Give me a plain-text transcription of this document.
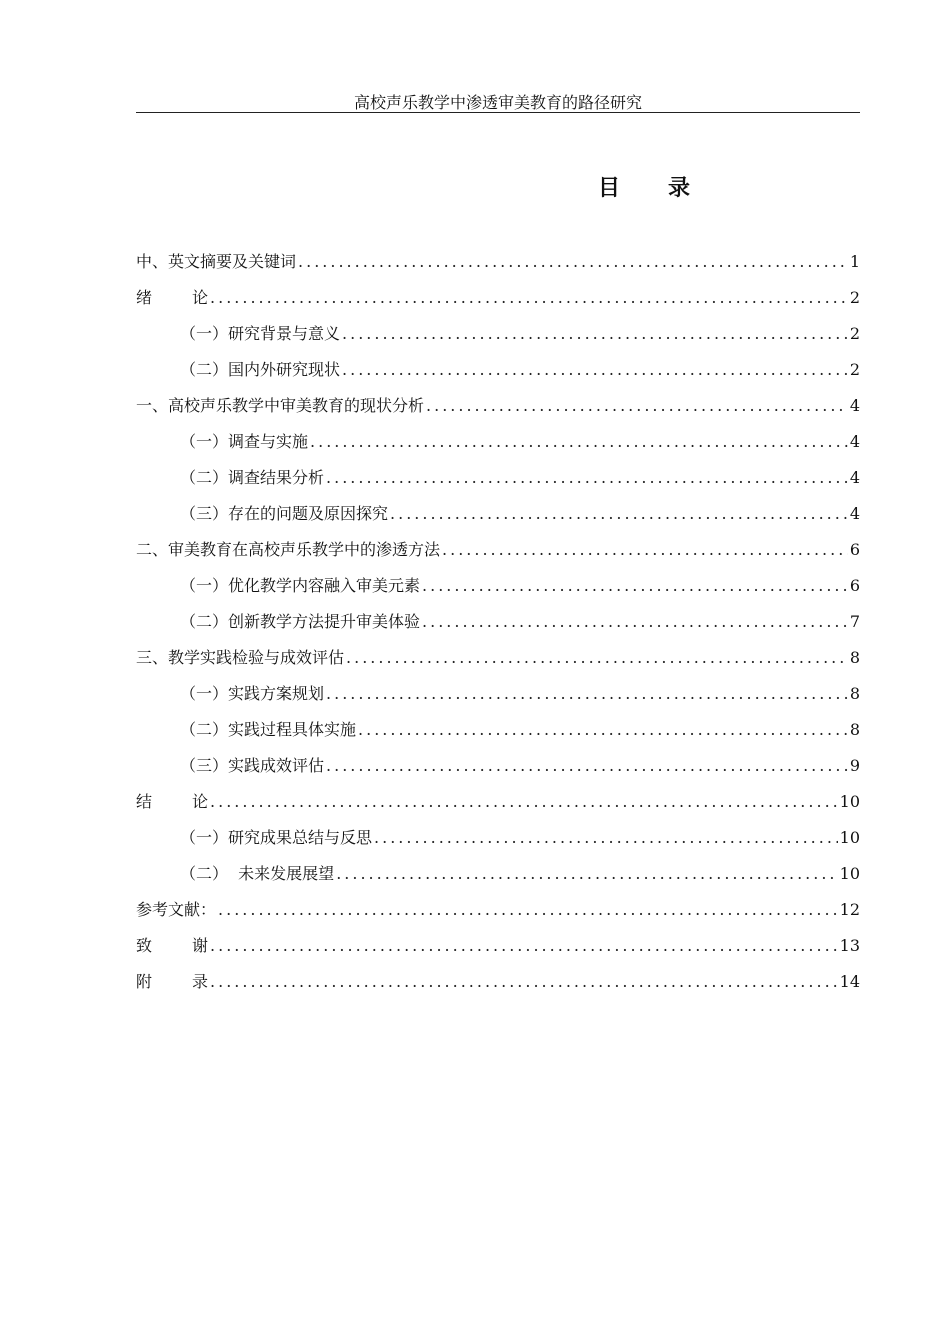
高校声乐教学中渗透审美教育的路径研究
目 录
中、英文摘要及关键词 .....	1
绪	论 .....	2
（一）研究背景与意义 .....	2
（二）国内外研究现状 .....	2
一、高校声乐教学中审美教育的现状分析 .....	4
（一）调查与实施 .....	4
（二）调查结果分析 .....	4
（三）存在的问题及原因探究 .....	4
二、审美教育在高校声乐教学中的渗透方法 .....	6
（一）优化教学内容融入审美元素 .....	6
（二）创新教学方法提升审美体验 .....	7
三、教学实践检验与成效评估 .....	8
（一）实践方案规划 .....	8
（二）实践过程具体实施 .....	8
（三）实践成效评估 .....	9
结	论 .....	10
（一）研究成果总结与反思 .....	10
（二）  未来发展展望 .....	10
参考文献： .....	12
致	谢 .....	13
附	录 .....	14
